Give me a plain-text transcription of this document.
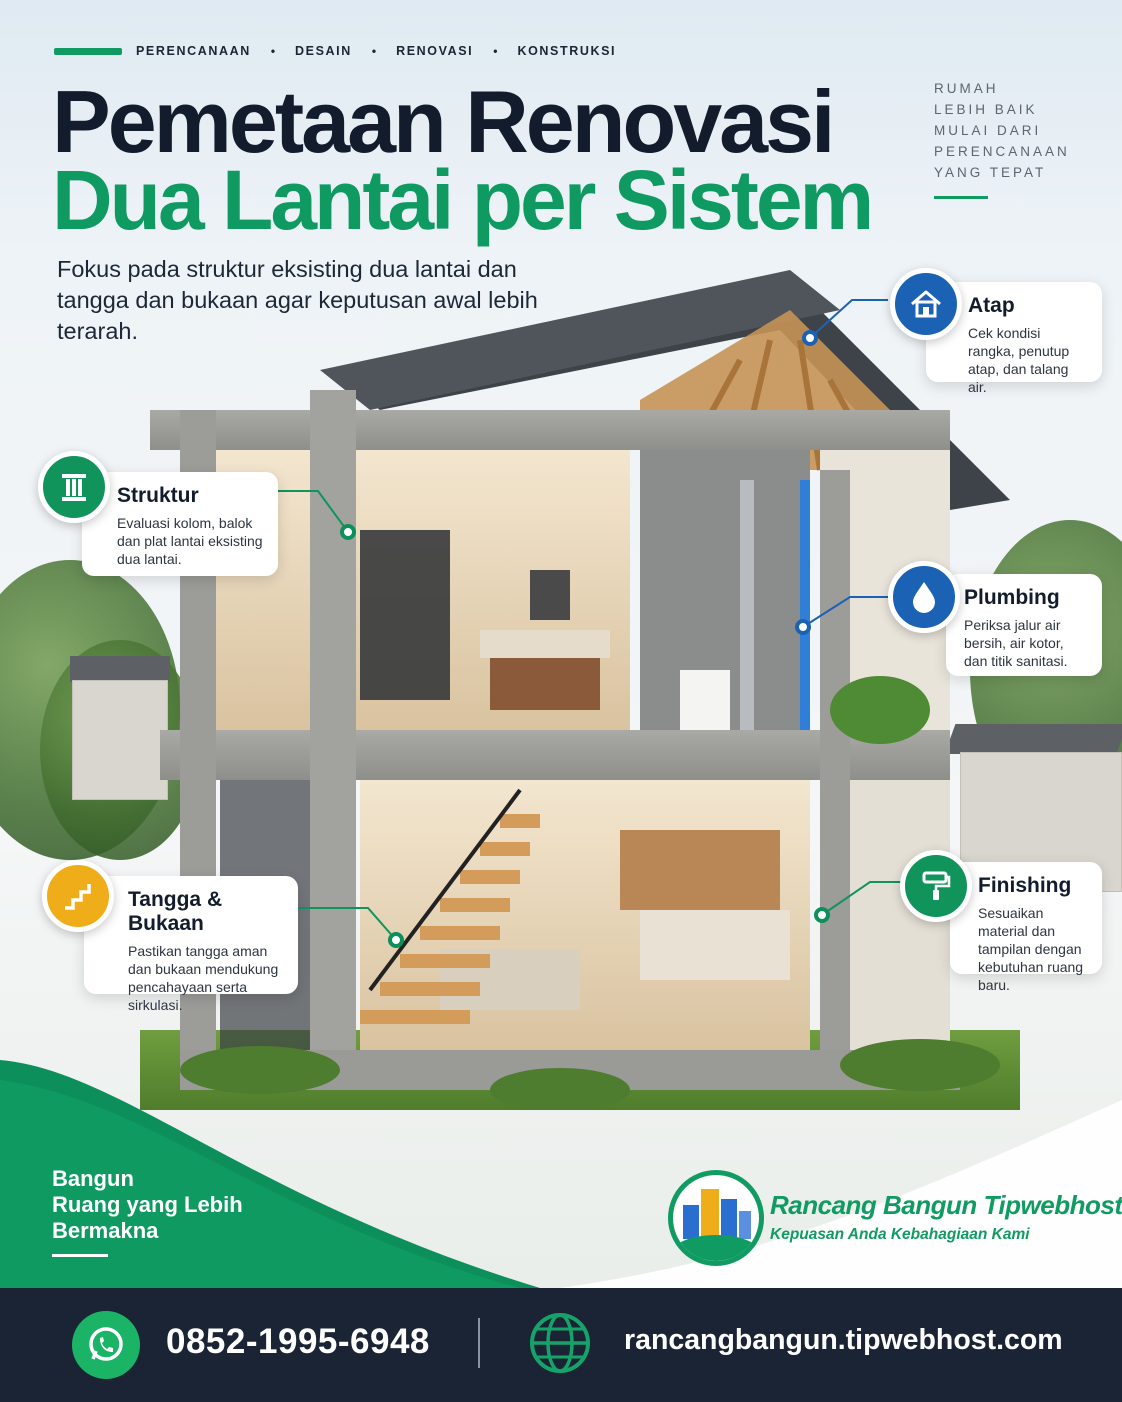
PERENCANAAN • DESAIN • RENOVASI • KONSTRUKSI
Pemetaan Renovasi
Dua Lantai per Sistem
Fokus pada struktur eksisting dua lantai dan tangga dan bukaan agar keputusan awal lebih terarah.
RUMAH
LEBIH BAIK
MULAI DARI
PERENCANAAN
YANG TEPAT
Atap

Cek kondisi rangka, penutup atap, dan talang air.

Struktur

Evaluasi kolom, balok dan plat lantai eksisting dua lantai.

Plumbing

Periksa jalur air bersih, air kotor, dan titik sanitasi.

Tangga & Bukaan

Pastikan tangga aman dan bukaan mendukung pencahayaan serta sirkulasi.

Finishing

Sesuaikan material dan tampilan dengan kebutuhan ruang baru.

Bangun
Ruang yang Lebih
Bermakna
Rancang Bangun Tipwebhost
Kepuasan Anda Kebahagiaan Kami
0852-1995-6948	rancangbangun.tipwebhost.com
